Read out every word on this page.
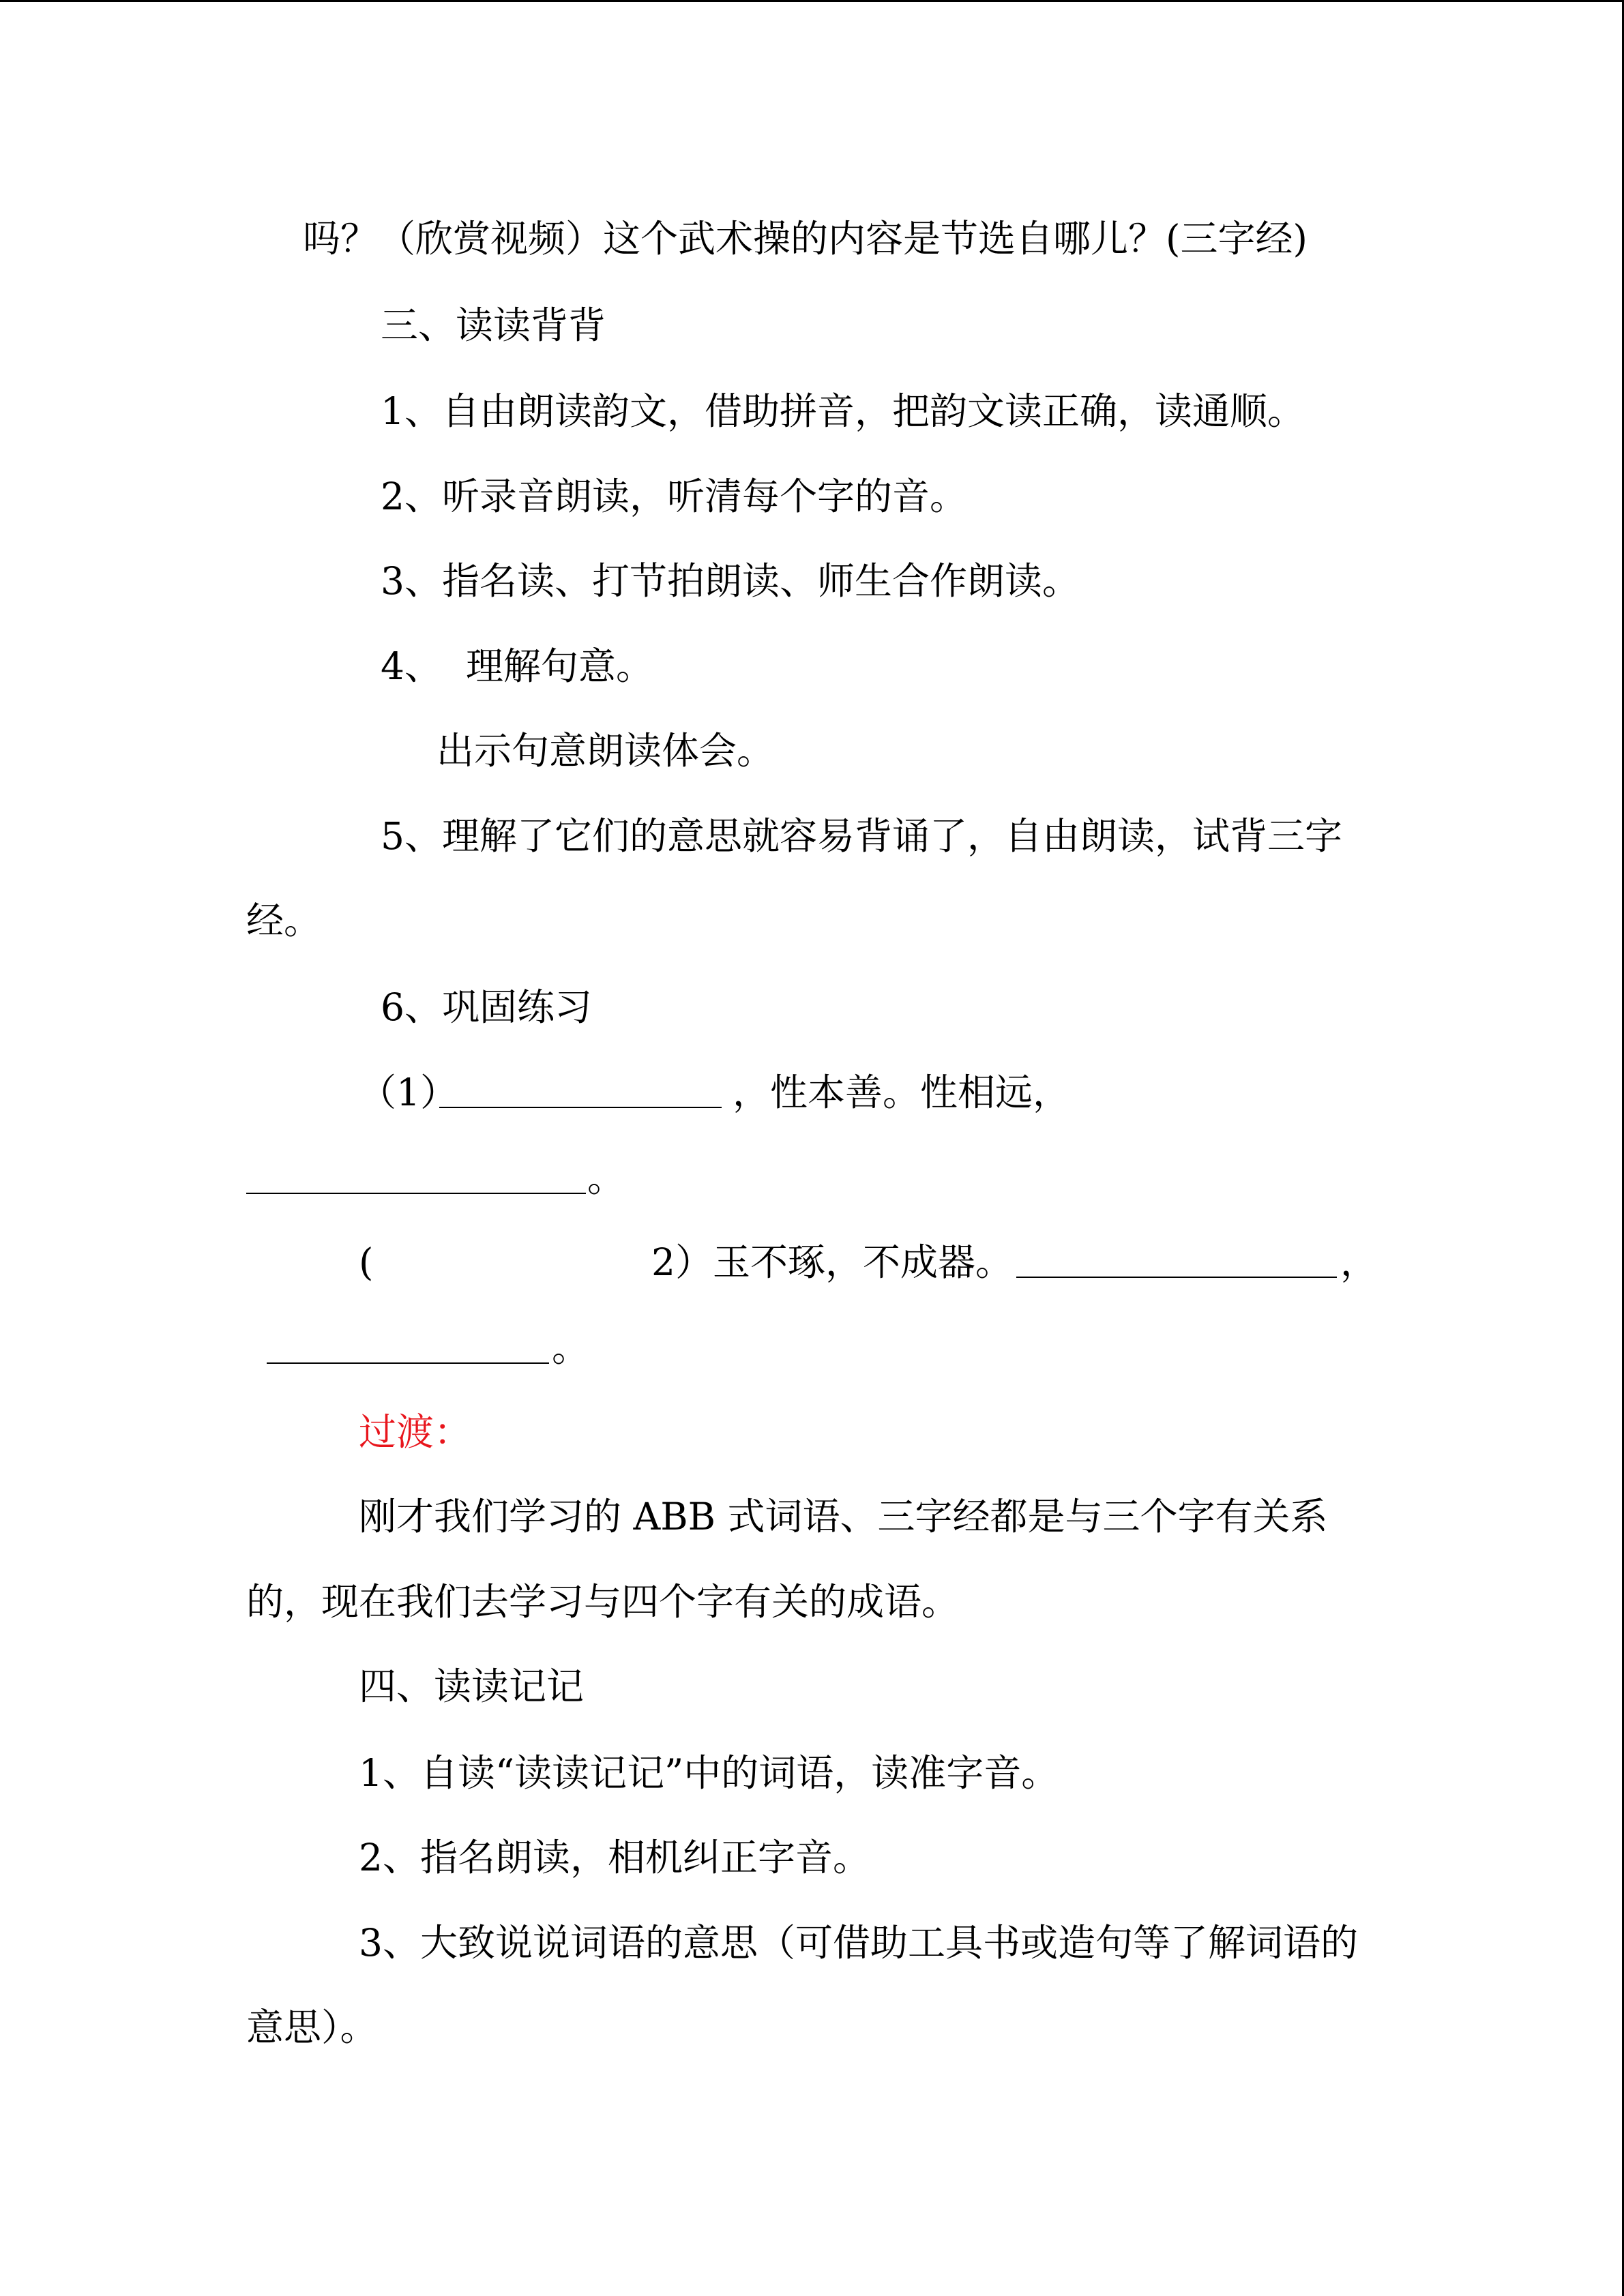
吗？（欣赏视频）这个武术操的内容是节选自哪儿？(三字经)
三、读读背背
1、自由朗读韵文，借助拼音，把韵文读正确，读通顺。
2、听录音朗读，听清每个字的音。
3、指名读、打节拍朗读、师生合作朗读。
4、  理解句意。
出示句意朗读体会。
5、理解了它们的意思就容易背诵了，自由朗读，试背三字
经。
6、巩固练习
（1）	，性本善。性相远，
。
(	2）玉不琢，不成器。	，
。
过渡：
刚才我们学习的 ABB 式词语、三字经都是与三个字有关系
的，现在我们去学习与四个字有关的成语。
四、读读记记
1、自读“读读记记”中的词语，读准字音。
2、指名朗读，相机纠正字音。
3、大致说说词语的意思（可借助工具书或造句等了解词语的
意思）。
